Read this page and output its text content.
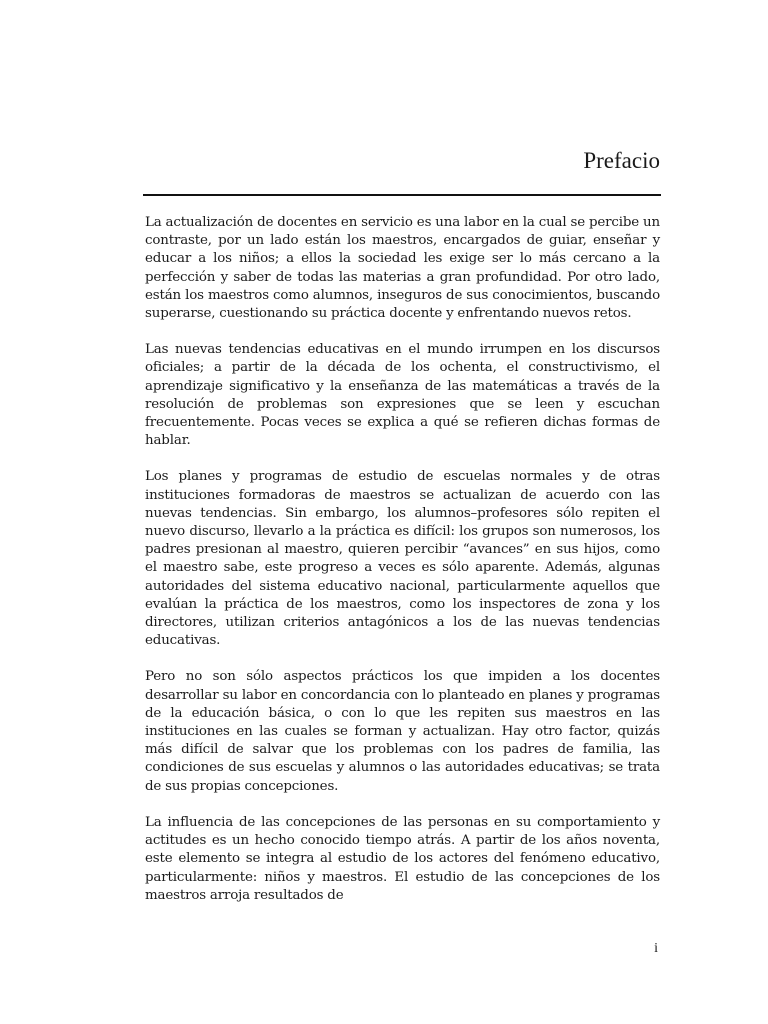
Prefacio

La actualización de docentes en servicio es una labor en la cual se percibe un contraste, por un lado están los maestros, encargados de guiar, enseñar y educar a los niños; a ellos la sociedad les exige ser lo más cercano a la perfección y saber de todas las materias a gran profundidad. Por otro lado, están los maestros como alumnos, inseguros de sus conocimientos, buscando superarse, cuestionando su práctica docente y enfrentando nuevos retos.

Las nuevas tendencias educativas en el mundo irrumpen en los discursos oficiales; a partir de la década de los ochenta, el constructivismo, el aprendizaje significativo y la enseñanza de las matemáticas a través de la resolución de problemas son expresiones que se leen y escuchan frecuentemente. Pocas veces se explica a qué se refieren dichas formas de hablar.

Los planes y programas de estudio de escuelas normales y de otras instituciones formadoras de maestros se actualizan de acuerdo con las nuevas tendencias. Sin embargo, los alumnos–profesores sólo repiten el nuevo discurso, llevarlo a la práctica es difícil: los grupos son numerosos, los padres presionan al maestro, quieren percibir “avances” en sus hijos, como el maestro sabe, este progreso a veces es sólo aparente. Además, algunas autoridades del sistema educativo nacional, particularmente aquellos que evalúan la práctica de los maestros, como los inspectores de zona y los directores, utilizan criterios antagónicos a los de las nuevas tendencias educativas.

Pero no son sólo aspectos prácticos los que impiden a los docentes desarrollar su labor en concordancia con lo planteado en planes y programas de la educación básica, o con lo que les repiten sus maestros en las instituciones en las cuales se forman y actualizan. Hay otro factor, quizás más difícil de salvar que los problemas con los padres de familia, las condiciones de sus escuelas y alumnos o las autoridades educativas; se trata de sus propias concepciones.

La influencia de las concepciones de las personas en su comportamiento y actitudes es un hecho conocido tiempo atrás. A partir de los años noventa, este elemento se integra al estudio de los actores del fenómeno educativo, particularmente: niños y maestros. El estudio de las concepciones de los maestros arroja resultados de

i
